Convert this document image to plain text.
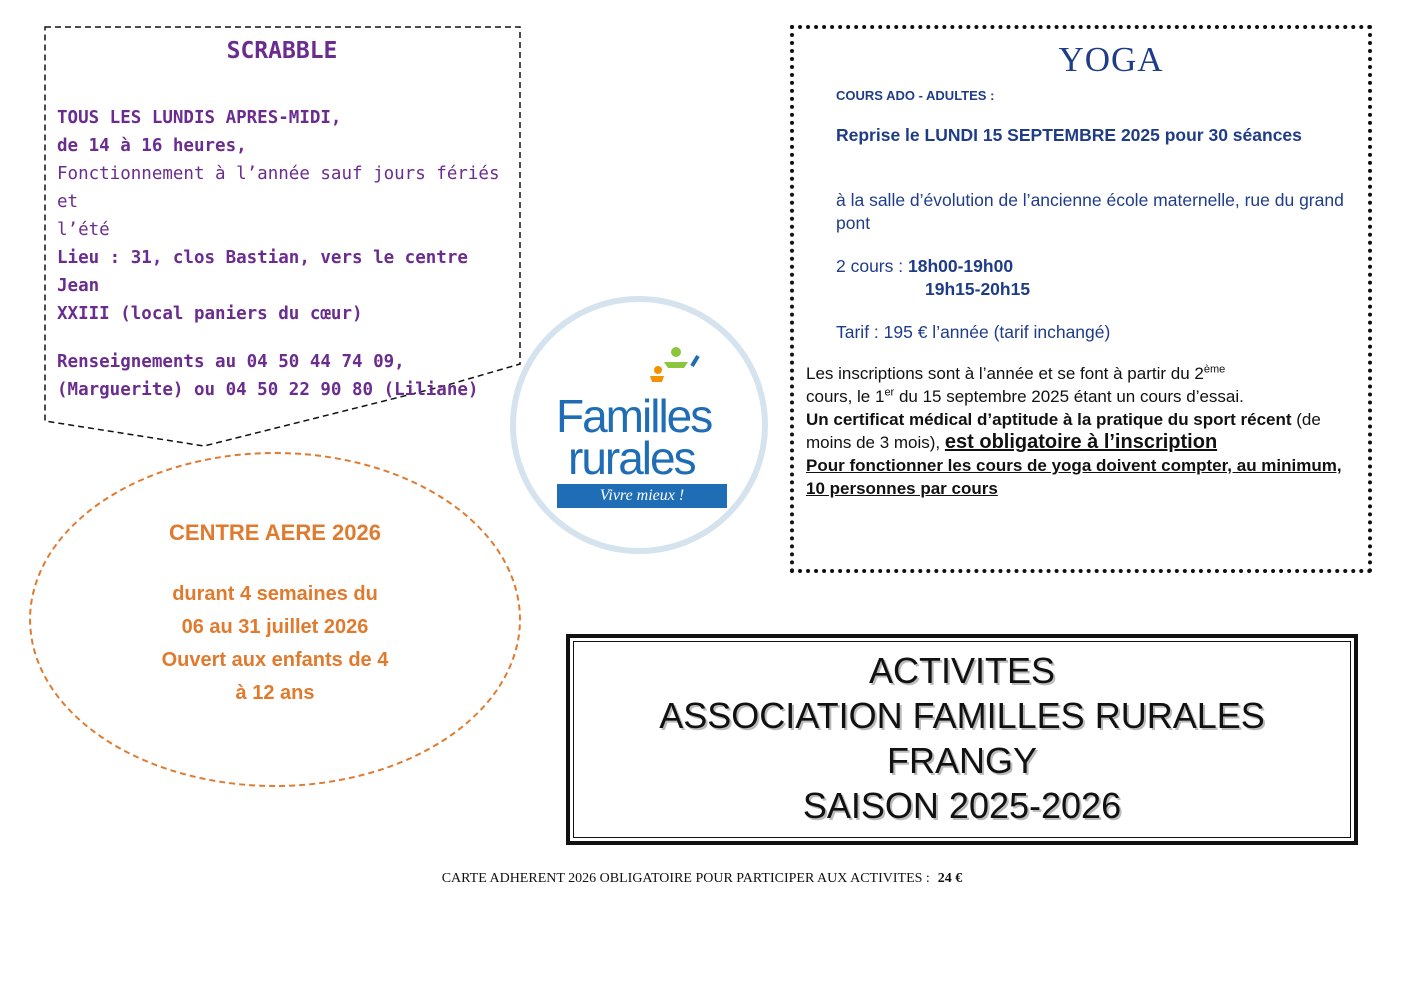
SCRABBLE
TOUS LES LUNDIS APRES-MIDI,
de 14 à 16 heures,
Fonctionnement à l’année sauf jours fériés et
l’été
Lieu : 31, clos Bastian, vers le centre Jean
XXIII (local paniers du cœur)
Renseignements au 04 50 44 74 09,
(Marguerite) ou 04 50 22 90 80 (Liliane)
YOGA
COURS ADO - ADULTES :
Reprise le LUNDI 15 SEPTEMBRE 2025 pour 30 séances
à la salle d’évolution de l’ancienne école maternelle, rue du grand pont
2 cours : 18h00-19h00
19h15-20h15
Tarif : 195 € l’année (tarif inchangé)
Les inscriptions sont à l’année et se font à partir du 2ème
cours, le 1er du 15 septembre 2025 étant un cours d’essai.
Un certificat médical d’aptitude à la pratique du sport récent (de moins de 3 mois), est obligatoire à l’inscription
Pour fonctionner les cours de yoga doivent compter, au minimum, 10 personnes par cours
Familles
rurales
Vivre mieux !
CENTRE AERE 2026
durant 4 semaines du
06 au 31 juillet 2026
Ouvert aux enfants de 4
à 12 ans
ACTIVITES
ASSOCIATION FAMILLES RURALES
FRANGY
SAISON 2025-2026
CARTE ADHERENT 2026 OBLIGATOIRE POUR PARTICIPER AUX ACTIVITES : 24 €
